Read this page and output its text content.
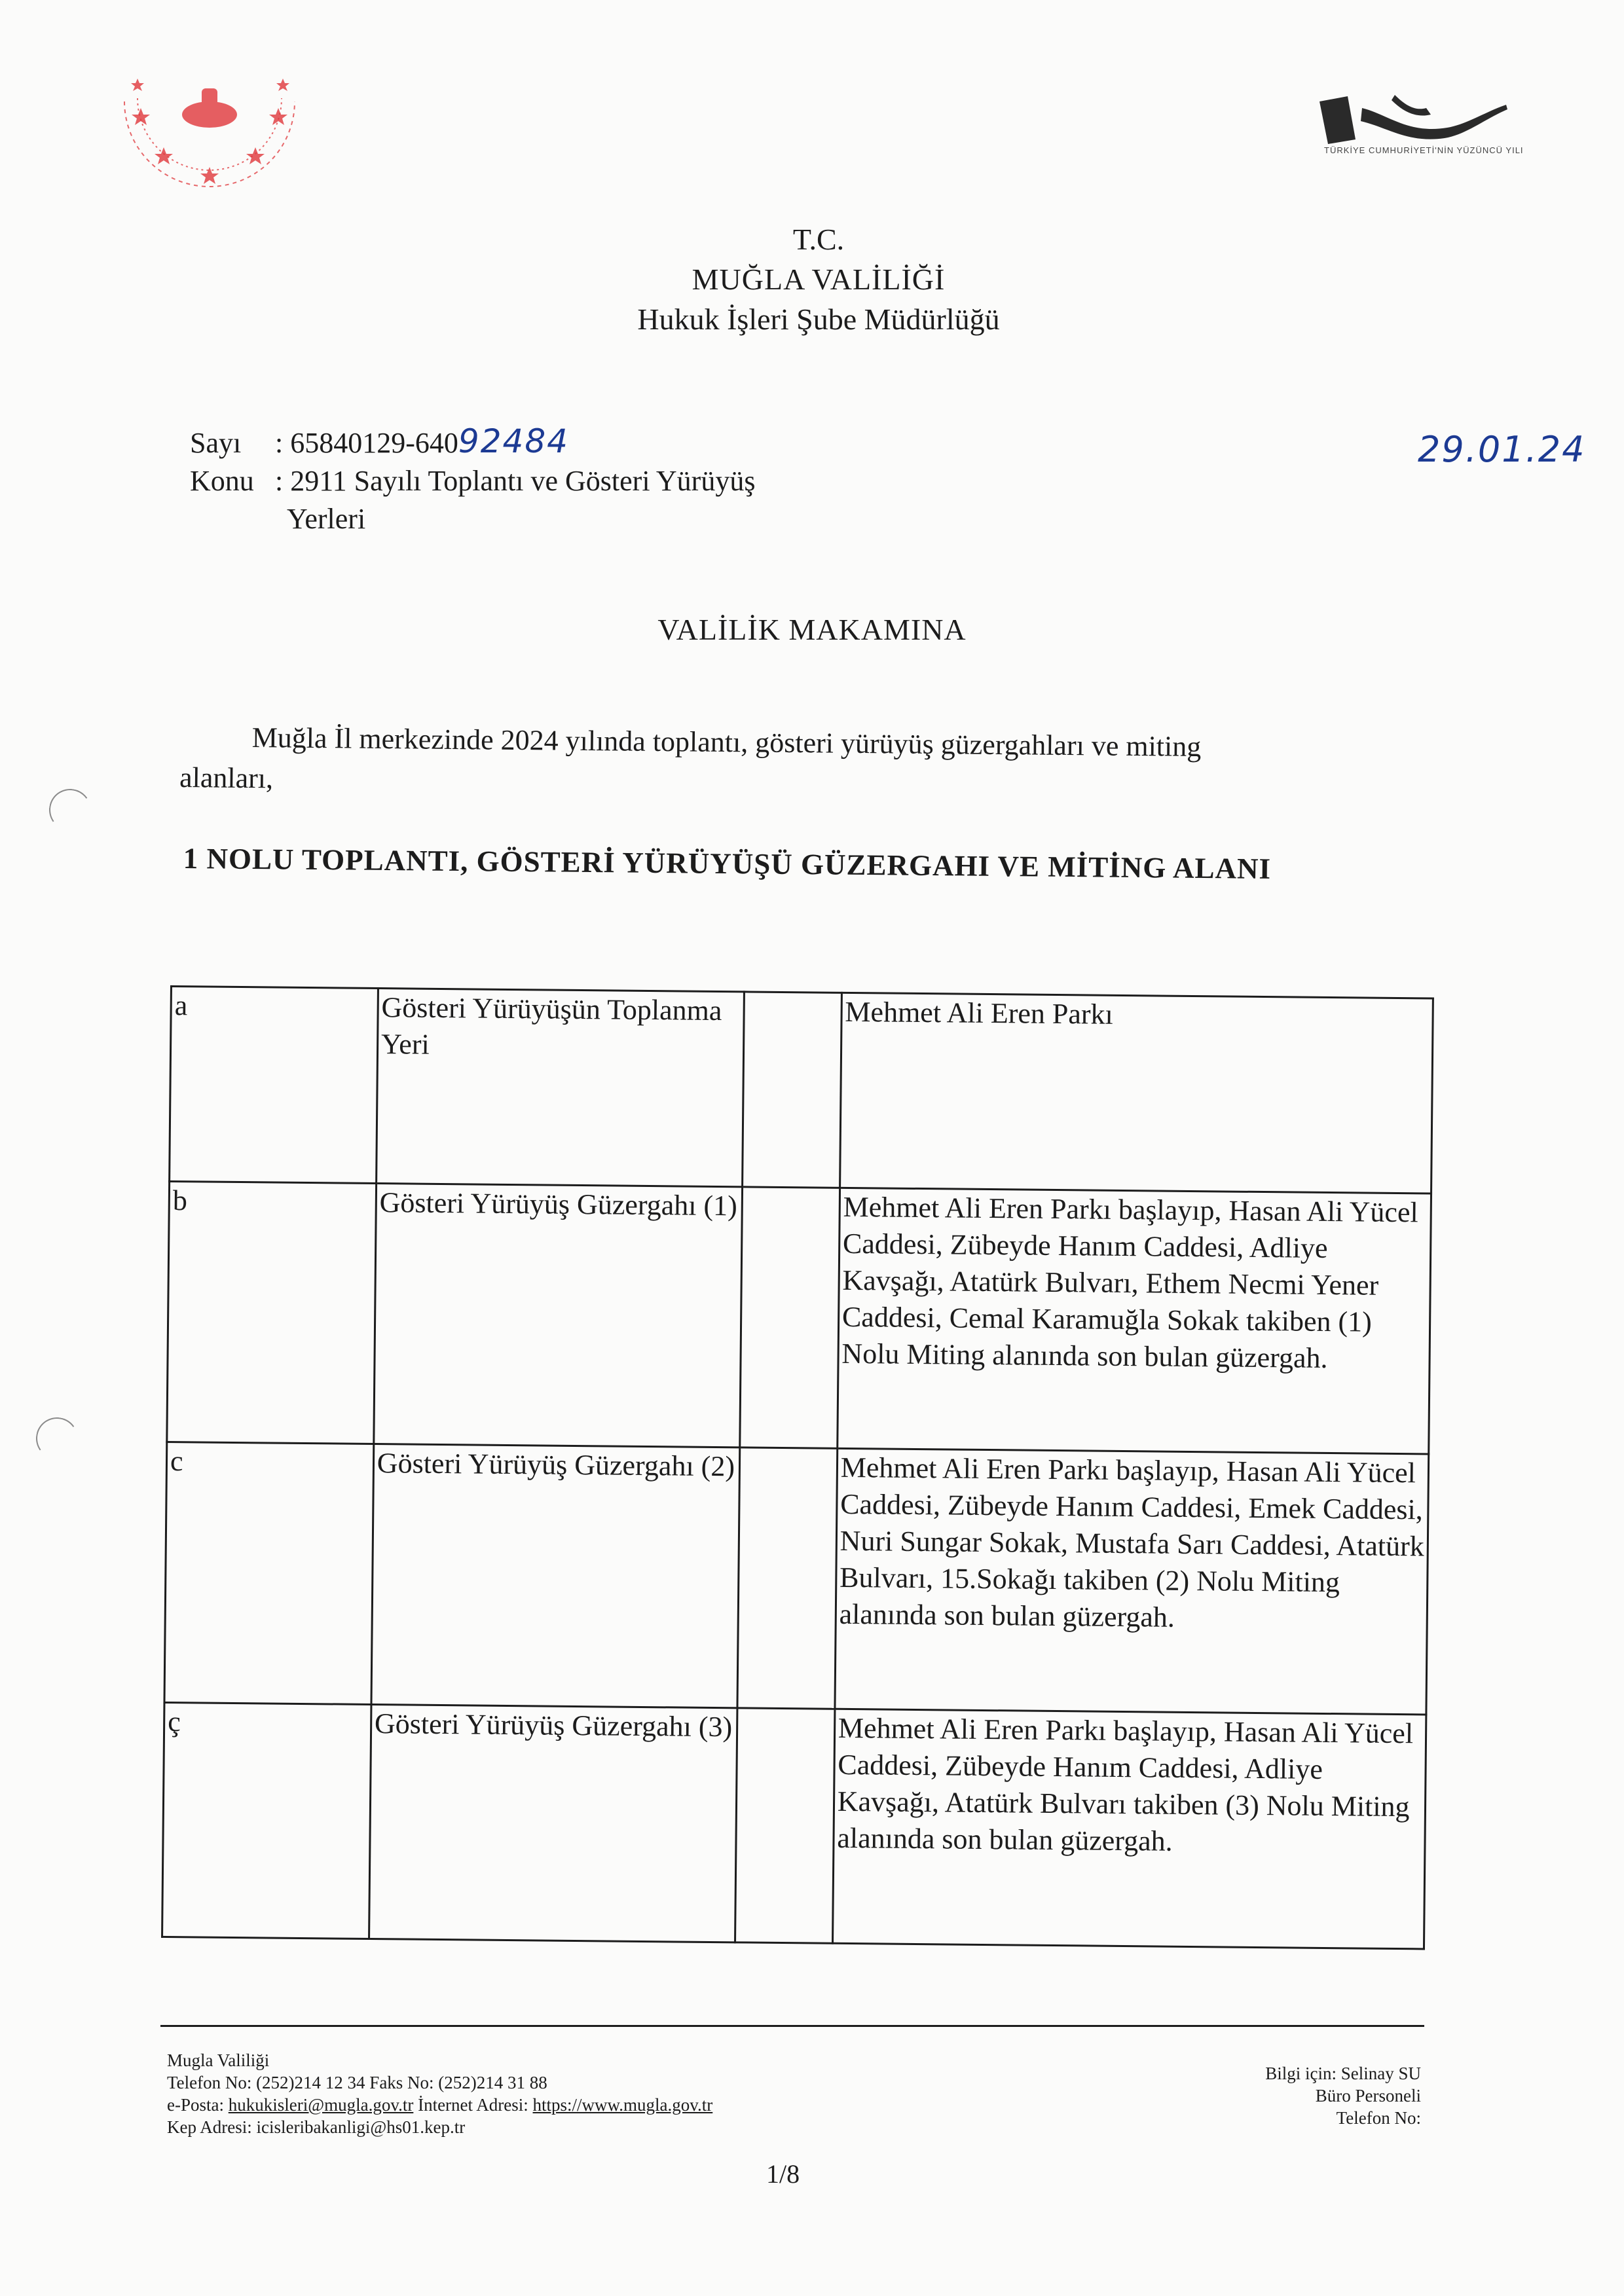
TÜRKİYE CUMHURİYETİ'NİN YÜZÜNCÜ YILI
T.C.
MUĞLA VALİLİĞİ
Hukuk İşleri Şube Müdürlüğü
Sayı : 65840129-64092484
Konu : 2911 Sayılı Toplantı ve Gösteri Yürüyüş
Yerleri
29.01.24
VALİLİK MAKAMINA
Muğla İl merkezinde 2024 yılında toplantı, gösteri yürüyüş güzergahları ve miting
alanları,
1 NOLU TOPLANTI, GÖSTERİ YÜRÜYÜŞÜ GÜZERGAHI VE MİTİNG ALANI
a	Gösteri Yürüyüşün Toplanma Yeri		Mehmet Ali Eren Parkı
b	Gösteri Yürüyüş Güzergahı (1)		Mehmet Ali Eren Parkı başlayıp, Hasan Ali Yücel Caddesi, Zübeyde Hanım Caddesi, Adliye Kavşağı, Atatürk Bulvarı, Ethem Necmi Yener Caddesi, Cemal Karamuğla Sokak takiben (1) Nolu Miting alanında son bulan güzergah.
c	Gösteri Yürüyüş Güzergahı (2)		Mehmet Ali Eren Parkı başlayıp, Hasan Ali Yücel Caddesi, Zübeyde Hanım Caddesi, Emek Caddesi, Nuri Sungar Sokak, Mustafa Sarı Caddesi, Atatürk Bulvarı, 15.Sokağı takiben (2) Nolu Miting alanında son bulan güzergah.
ç	Gösteri Yürüyüş Güzergahı (3)		Mehmet Ali Eren Parkı başlayıp, Hasan Ali Yücel Caddesi, Zübeyde Hanım Caddesi, Adliye Kavşağı, Atatürk Bulvarı takiben (3) Nolu Miting alanında son bulan güzergah.
Mugla Valiliği
Telefon No: (252)214 12 34 Faks No: (252)214 31 88
e-Posta: hukukisleri@mugla.gov.tr İnternet Adresi: https://www.mugla.gov.tr
Kep Adresi: icisleribakanligi@hs01.kep.tr
Bilgi için: Selinay SU
Büro Personeli
Telefon No:
1/8
